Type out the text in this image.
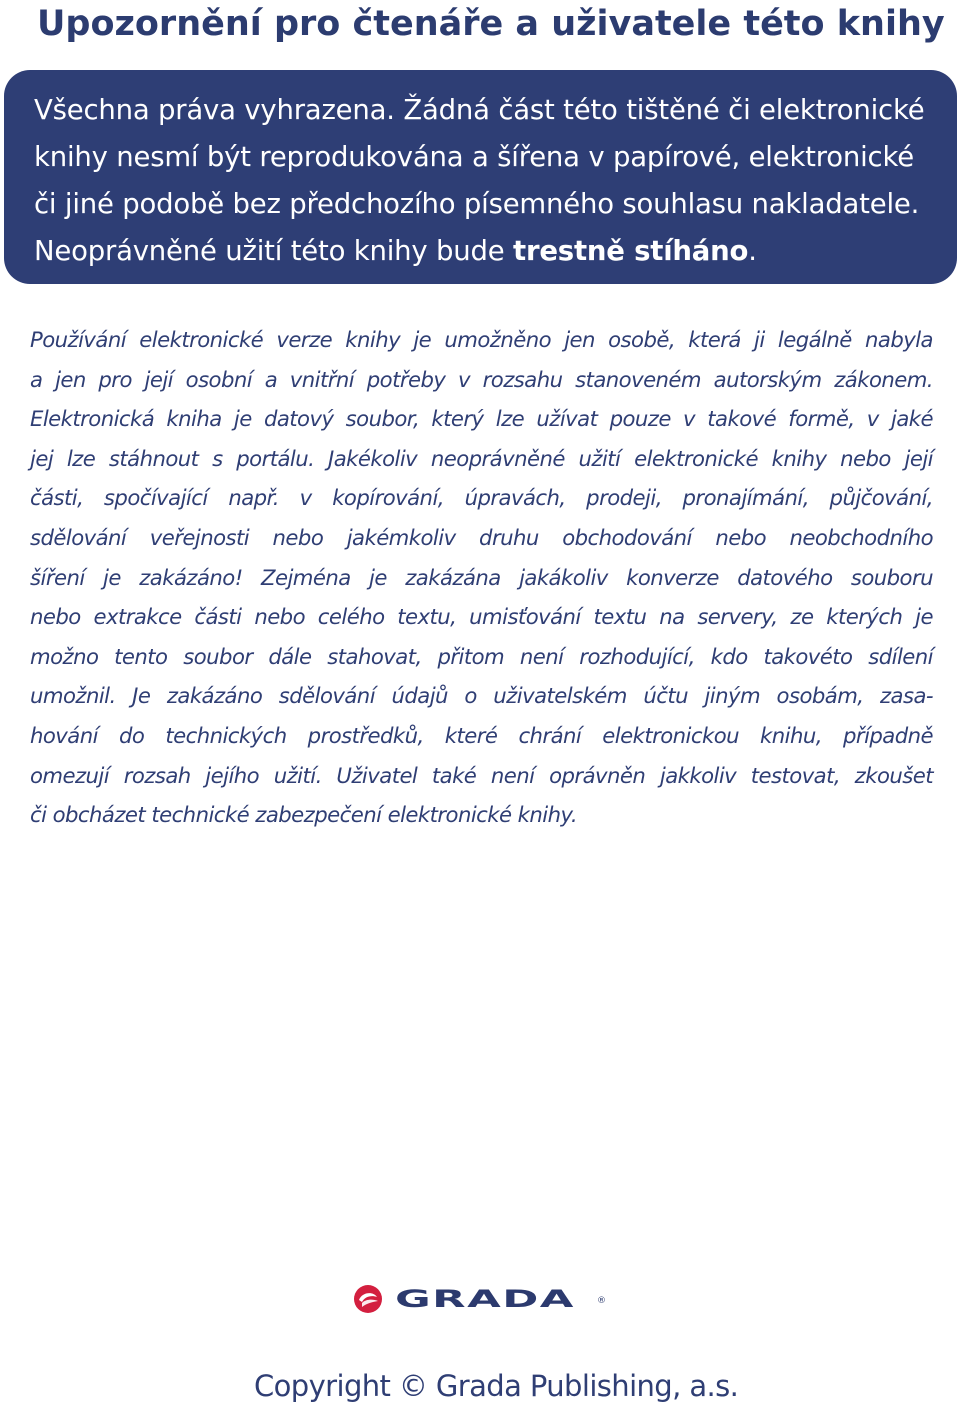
Upozornění pro čtenáře a uživatele této knihy

Všechna práva vyhrazena. Žádná část této tištěné či elektronické
knihy nesmí být reprodukována a šířena v papírové, elektronické
či jiné podobě bez předchozího písemného souhlasu nakladatele.
Neoprávněné užití této knihy bude trestně stíháno.

Používání elektronické verze knihy je umožněno jen osobě, která ji legálně nabyla
a jen pro její osobní a vnitřní potřeby v rozsahu stanoveném autorským zákonem.
Elektronická kniha je datový soubor, který lze užívat pouze v takové formě, v jaké
jej lze stáhnout s portálu. Jakékoliv neoprávněné užití elektronické knihy nebo její
části, spočívající např. v kopírování, úpravách, prodeji, pronajímání, půjčování,
sdělování veřejnosti nebo jakémkoliv druhu obchodování nebo neobchodního
šíření je zakázáno! Zejména je zakázána jakákoliv konverze datového souboru
nebo extrakce části nebo celého textu, umisťování textu na servery, ze kterých je
možno tento soubor dále stahovat, přitom není rozhodující, kdo takovéto sdílení
umožnil. Je zakázáno sdělování údajů o uživatelském účtu jiným osobám, zasa-
hování do technických prostředků, které chrání elektronickou knihu, případně
omezují rozsah jejího užití. Uživatel také není oprávněn jakkoliv testovat, zkoušet
či obcházet technické zabezpečení elektronické knihy.

GRADA ®

Copyright © Grada Publishing, a.s.
